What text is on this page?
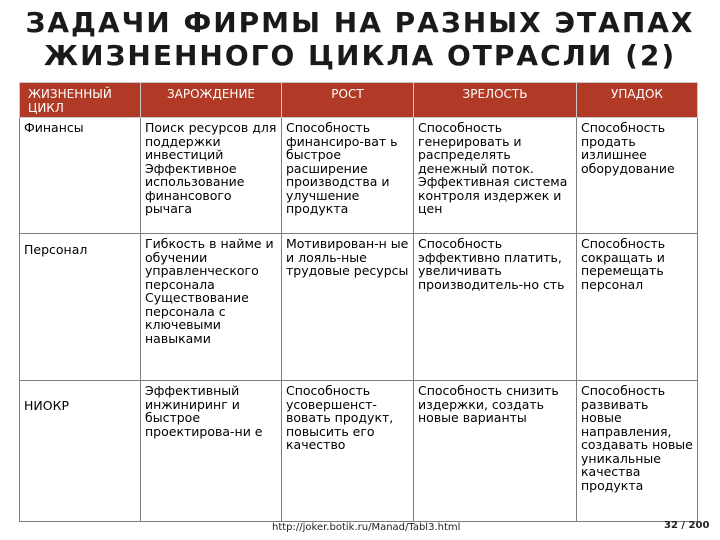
ЗАДАЧИ ФИРМЫ НА РАЗНЫХ ЭТАПАХ
ЖИЗНЕННОГО ЦИКЛА ОТРАСЛИ (2)
ЖИЗНЕННЫЙ ЦИКЛ	ЗАРОЖДЕНИЕ	РОСТ	ЗРЕЛОСТЬ	УПАДОК
Финансы	Поиск ресурсов для поддержки инвестиций Эффективное использование финансового рычага	Способность финансиро-ват ь быстрое расширение производства и улучшение продукта	Способность генерировать и распределять денежный поток. Эффективная система контроля издержек и цен	Способность продать излишнее оборудование
Персонал	Гибкость в найме и обучении управленческого персонала Существование персонала с ключевыми навыками	Мотивирован-н ые и лояль-ные трудовые ресурсы	Способность эффективно платить, увеличивать производитель-но сть	Способность сокращать и перемещать персонал
НИОКР	Эффективный инжиниринг и быстрое проектирова-ни е	Способность усовершенст-вовать продукт, повысить его качество	Способность снизить издержки, создать новые варианты	Способность развивать новые направления, создавать новые уникальные качества продукта
http://joker.botik.ru/Manad/Tabl3.html	32 / 200
